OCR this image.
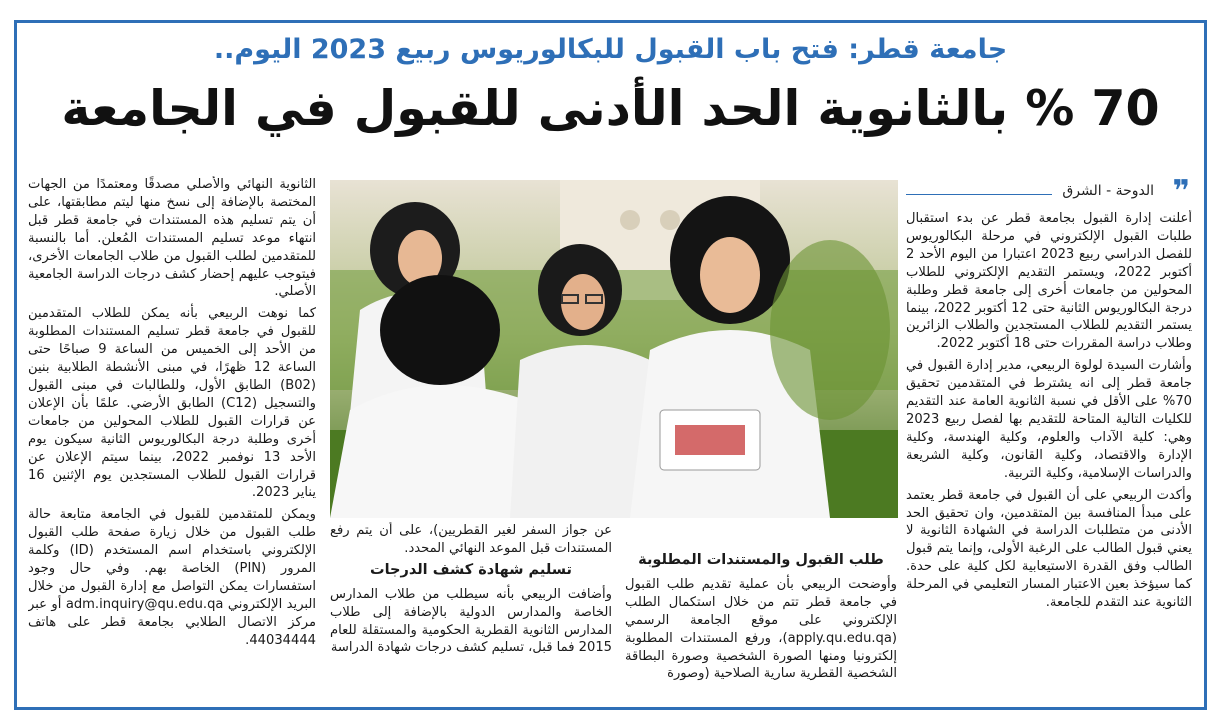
جامعة قطر: فتح باب القبول للبكالوريوس ربيع 2023 اليوم..
70 % بالثانوية الحد الأدنى للقبول في الجامعة
❞
الدوحة - الشرق

أعلنت إدارة القبول بجامعة قطر عن بدء استقبال طلبات القبول الإلكتروني في مرحلة البكالوريوس للفصل الدراسي ربيع 2023 اعتبارا من اليوم الأحد 2 أكتوبر 2022، ويستمر التقديم الإلكتروني للطلاب المحولين من جامعات أخرى إلى جامعة قطر وطلبة درجة البكالوريوس الثانية حتى 12 أكتوبر 2022، بينما يستمر التقديم للطلاب المستجدين والطلاب الزائرين وطلاب دراسة المقررات حتى 18 أكتوبر 2022.

وأشارت السيدة لولوة الربيعي، مدير إدارة القبول في جامعة قطر إلى انه يشترط في المتقدمين تحقيق 70% على الأقل في نسبة الثانوية العامة عند التقديم للكليات التالية المتاحة للتقديم بها لفصل ربيع 2023 وهي: كلية الآداب والعلوم، وكلية الهندسة، وكلية الإدارة والاقتصاد، وكلية القانون، وكلية الشريعة والدراسات الإسلامية، وكلية التربية.

وأكدت الربيعي على أن القبول في جامعة قطر يعتمد على مبدأ المنافسة بين المتقدمين، وان تحقيق الحد الأدنى من متطلبات الدراسة في الشهادة الثانوية لا يعني قبول الطالب على الرغبة الأولى، وإنما يتم قبول الطالب وفق القدرة الاستيعابية لكل كلية على حدة. كما سيؤخذ بعين الاعتبار المسار التعليمي في المرحلة الثانوية عند التقدم للجامعة.

طلب القبول والمستندات المطلوبة

وأوضحت الربيعي بأن عملية تقديم طلب القبول في جامعة قطر تتم من خلال استكمال الطلب الإلكتروني على موقع الجامعة الرسمي (apply.qu.edu.qa)، ورفع المستندات المطلوبة إلكترونيا ومنها الصورة الشخصية وصورة البطاقة الشخصية القطرية سارية الصلاحية (وصورة

عن جواز السفر لغير القطريين)، على أن يتم رفع المستندات قبل الموعد النهائي المحدد.

تسليم شهادة كشف الدرجات

وأضافت الربيعي بأنه سيطلب من طلاب المدارس الخاصة والمدارس الدولية بالإضافة إلى طلاب المدارس الثانوية القطرية الحكومية والمستقلة للعام 2015 فما قبل، تسليم كشف درجات شهادة الدراسة

الثانوية النهائي والأصلي مصدقًا ومعتمدًا من الجهات المختصة بالإضافة إلى نسخ منها ليتم مطابقتها، على أن يتم تسليم هذه المستندات في جامعة قطر قبل انتهاء موعد تسليم المستندات المُعلن. أما بالنسبة للمتقدمين لطلب القبول من طلاب الجامعات الأخرى، فيتوجب عليهم إحضار كشف درجات الدراسة الجامعية الأصلي.

كما نوهت الربيعي بأنه يمكن للطلاب المتقدمين للقبول في جامعة قطر تسليم المستندات المطلوبة من الأحد إلى الخميس من الساعة 9 صباحًا حتى الساعة 12 ظهرًا، في مبنى الأنشطة الطلابية بنين (B02) الطابق الأول، وللطالبات في مبنى القبول والتسجيل (C12) الطابق الأرضي. علمًا بأن الإعلان عن قرارات القبول للطلاب المحولين من جامعات أخرى وطلبة درجة البكالوريوس الثانية سيكون يوم الأحد 13 نوفمبر 2022، بينما سيتم الإعلان عن قرارات القبول للطلاب المستجدين يوم الإثنين 16 يناير 2023.

ويمكن للمتقدمين للقبول في الجامعة متابعة حالة طلب القبول من خلال زيارة صفحة طلب القبول الإلكتروني باستخدام اسم المستخدم (ID) وكلمة المرور (PIN) الخاصة بهم. وفي حال وجود استفسارات يمكن التواصل مع إدارة القبول من خلال البريد الإلكتروني adm.inquiry@qu.edu.qa أو عبر مركز الاتصال الطلابي بجامعة قطر على هاتف 44034444.
